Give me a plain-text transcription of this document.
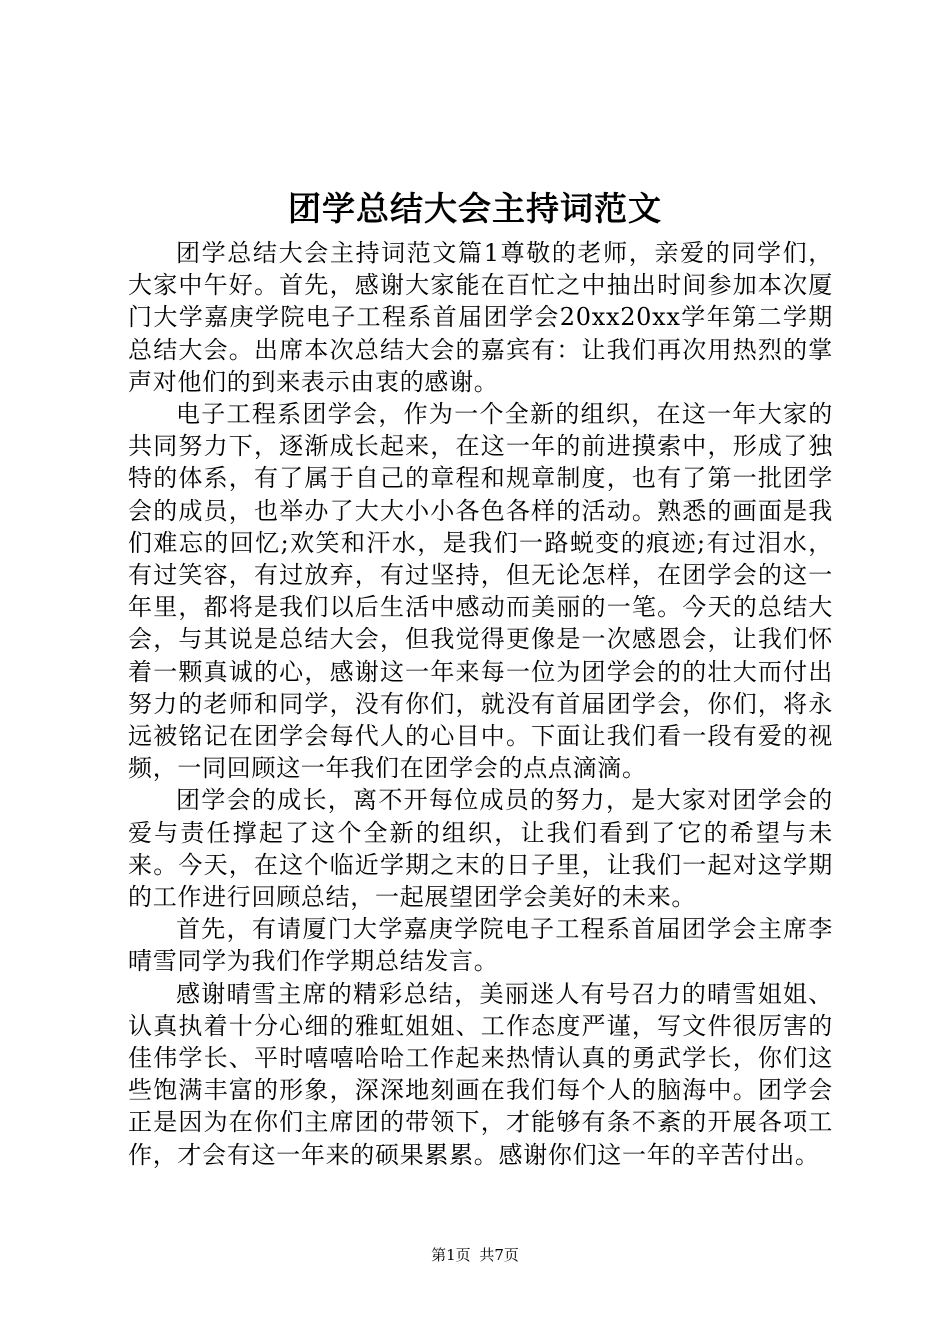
团学总结大会主持词范文

团学总结大会主持词范文篇1尊敬的老师，亲爱的同学们，大家中午好。首先，感谢大家能在百忙之中抽出时间参加本次厦门大学嘉庚学院电子工程系首届团学会20xx20xx学年第二学期总结大会。出席本次总结大会的嘉宾有：让我们再次用热烈的掌声对他们的到来表示由衷的感谢。

电子工程系团学会，作为一个全新的组织，在这一年大家的共同努力下，逐渐成长起来，在这一年的前进摸索中，形成了独特的体系，有了属于自己的章程和规章制度，也有了第一批团学会的成员，也举办了大大小小各色各样的活动。熟悉的画面是我们难忘的回忆;欢笑和汗水，是我们一路蜕变的痕迹;有过泪水，有过笑容，有过放弃，有过坚持，但无论怎样，在团学会的这一年里，都将是我们以后生活中感动而美丽的一笔。今天的总结大会，与其说是总结大会，但我觉得更像是一次感恩会，让我们怀着一颗真诚的心，感谢这一年来每一位为团学会的的壮大而付出努力的老师和同学，没有你们，就没有首届团学会，你们，将永远被铭记在团学会每代人的心目中。下面让我们看一段有爱的视频，一同回顾这一年我们在团学会的点点滴滴。

团学会的成长，离不开每位成员的努力，是大家对团学会的爱与责任撑起了这个全新的组织，让我们看到了它的希望与未来。今天，在这个临近学期之末的日子里，让我们一起对这学期的工作进行回顾总结，一起展望团学会美好的未来。

首先，有请厦门大学嘉庚学院电子工程系首届团学会主席李晴雪同学为我们作学期总结发言。

感谢晴雪主席的精彩总结，美丽迷人有号召力的晴雪姐姐、认真执着十分心细的雅虹姐姐、工作态度严谨，写文件很厉害的佳伟学长、平时嘻嘻哈哈工作起来热情认真的勇武学长，你们这些饱满丰富的形象，深深地刻画在我们每个人的脑海中。团学会正是因为在你们主席团的带领下，才能够有条不紊的开展各项工作，才会有这一年来的硕果累累。感谢你们这一年的辛苦付出。

第1页 共7页
